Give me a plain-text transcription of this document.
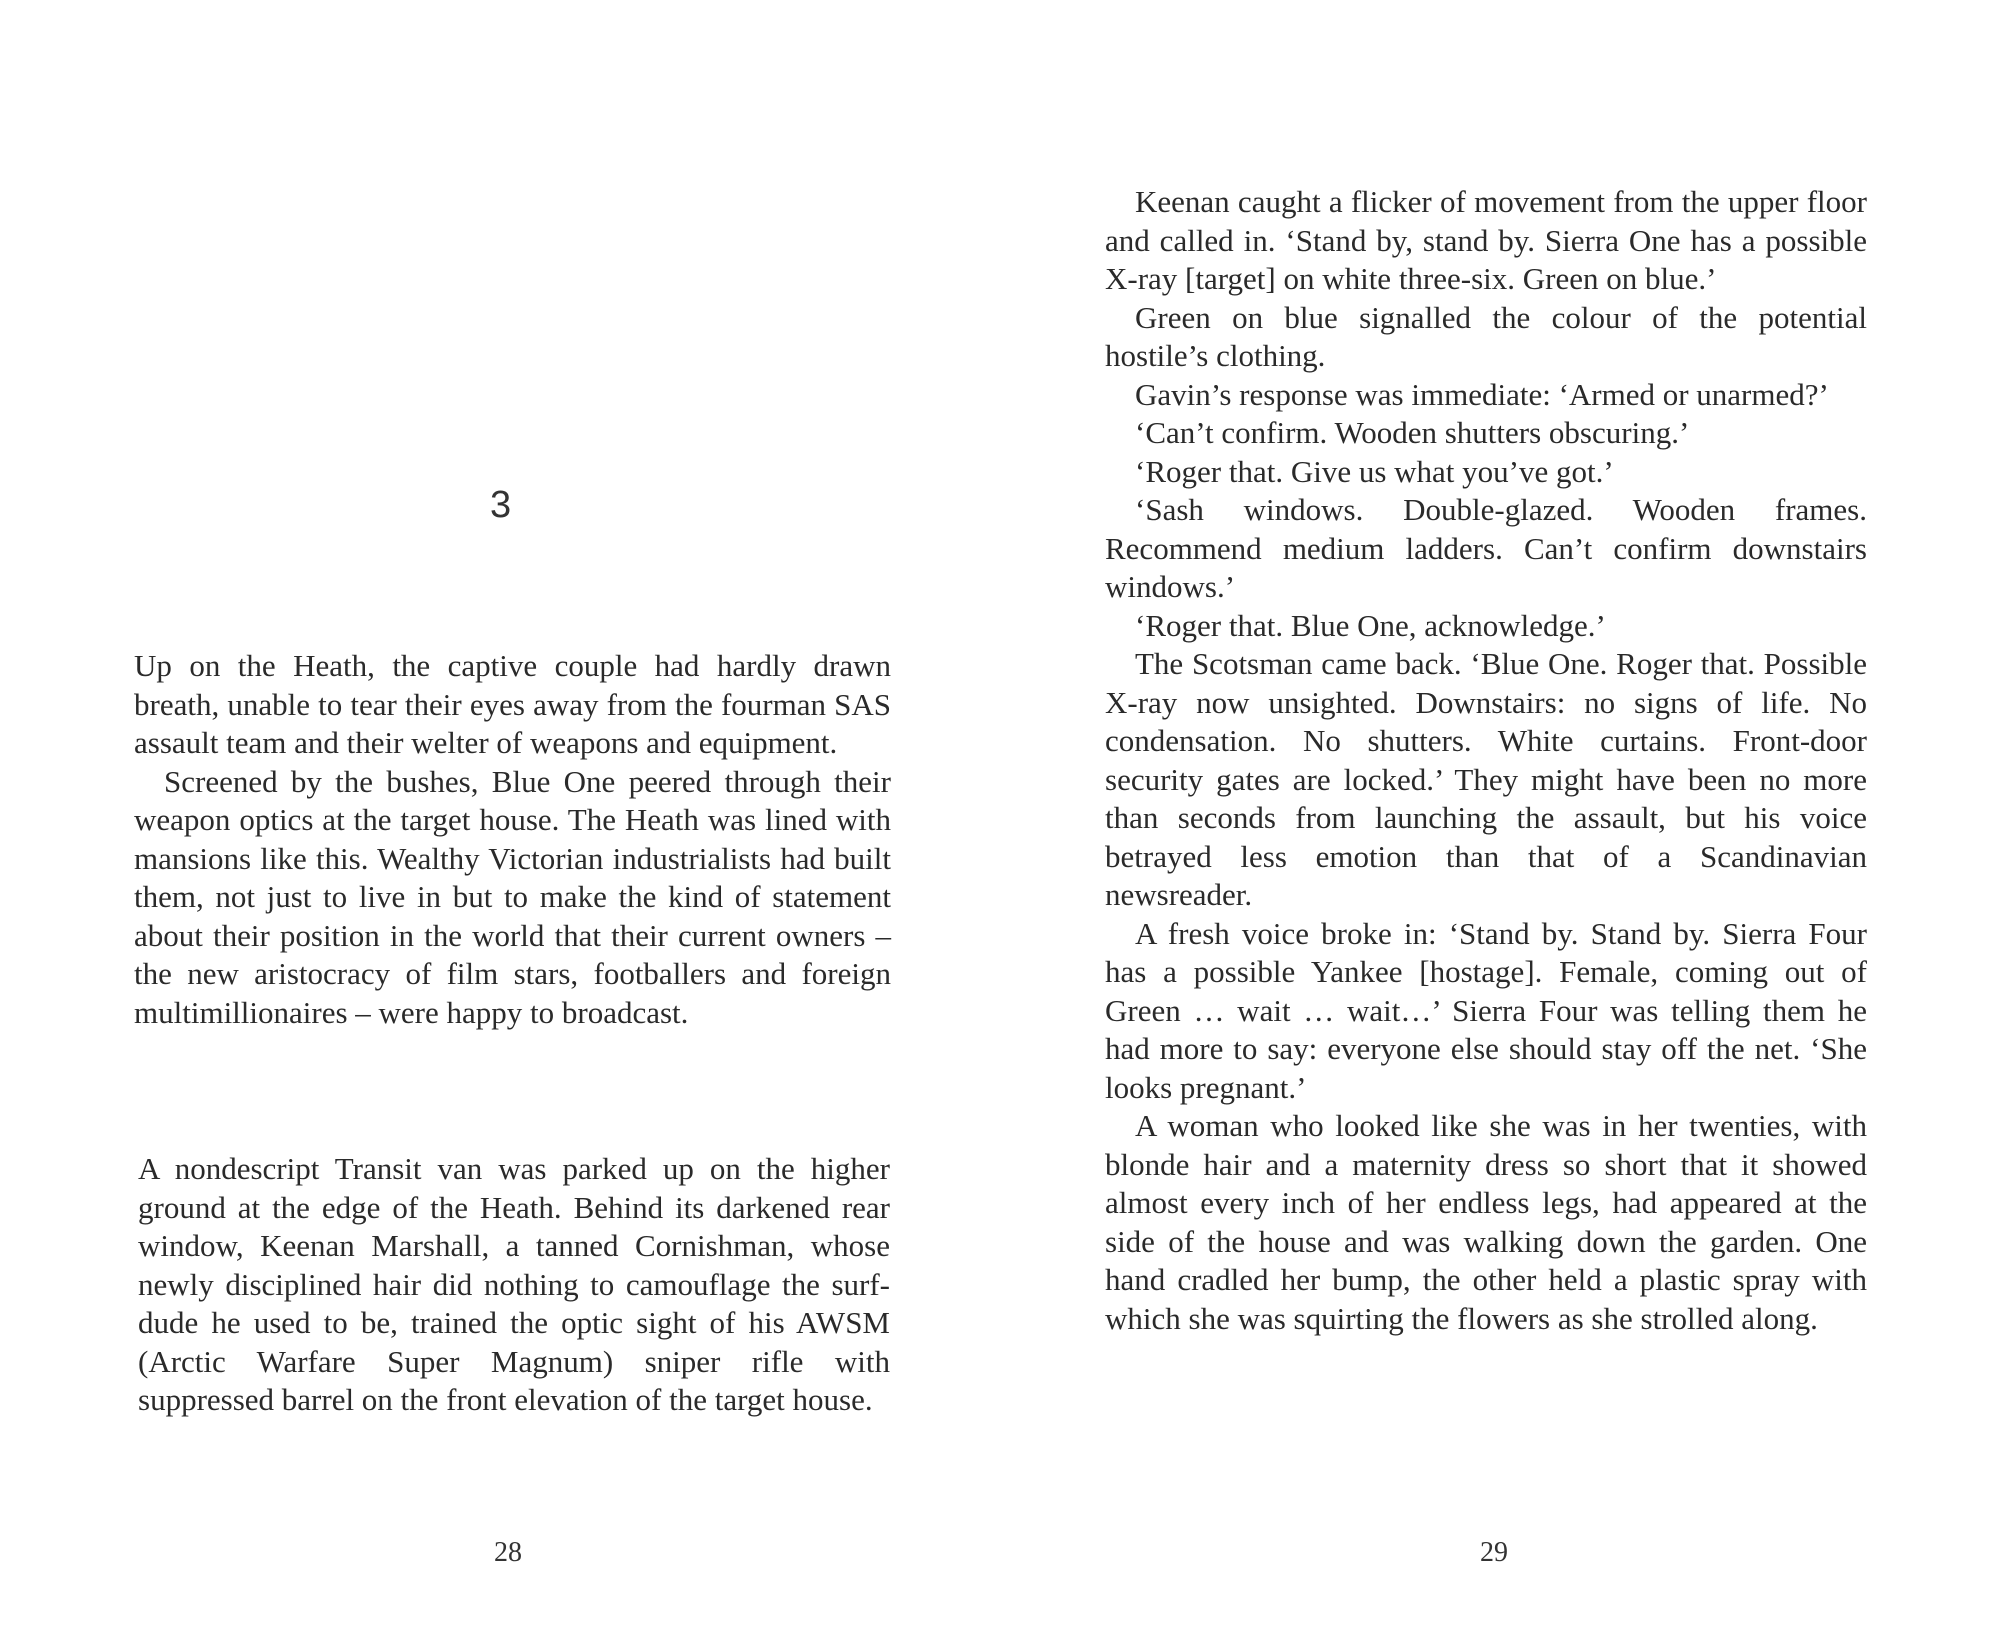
3

Up on the Heath, the captive couple had hardly drawn breath, unable to tear their eyes away from the fourman SAS assault team and their welter of weapons and equipment.

Screened by the bushes, Blue One peered through their weapon optics at the target house. The Heath was lined with mansions like this. Wealthy Victorian industrialists had built them, not just to live in but to make the kind of statement about their position in the world that their current owners – the new aristocracy of film stars, footballers and foreign multimillionaires – were happy to broadcast.

A nondescript Transit van was parked up on the higher ground at the edge of the Heath. Behind its darkened rear window, Keenan Marshall, a tanned Cornishman, whose newly disciplined hair did nothing to camouflage the surf-dude he used to be, trained the optic sight of his AWSM (Arctic Warfare Super Magnum) sniper rifle with suppressed barrel on the front elevation of the target house.

28

Keenan caught a flicker of movement from the upper floor and called in. ‘Stand by, stand by. Sierra One has a possible X-ray [target] on white three-six. Green on blue.’

Green on blue signalled the colour of the potential hostile’s clothing.

Gavin’s response was immediate: ‘Armed or unarmed?’

‘Can’t confirm. Wooden shutters obscuring.’

‘Roger that. Give us what you’ve got.’

‘Sash windows. Double-glazed. Wooden frames. Recommend medium ladders. Can’t confirm downstairs windows.’

‘Roger that. Blue One, acknowledge.’

The Scotsman came back. ‘Blue One. Roger that. Possible X-ray now unsighted. Downstairs: no signs of life. No condensation. No shutters. White curtains. Front-door security gates are locked.’ They might have been no more than seconds from launching the assault, but his voice betrayed less emotion than that of a Scandinavian newsreader.

A fresh voice broke in: ‘Stand by. Stand by. Sierra Four has a possible Yankee [hostage]. Female, coming out of Green … wait … wait…’ Sierra Four was telling them he had more to say: everyone else should stay off the net. ‘She looks pregnant.’

A woman who looked like she was in her twenties, with blonde hair and a maternity dress so short that it showed almost every inch of her endless legs, had appeared at the side of the house and was walking down the garden. One hand cradled her bump, the other held a plastic spray with which she was squirting the flowers as she strolled along.

29
